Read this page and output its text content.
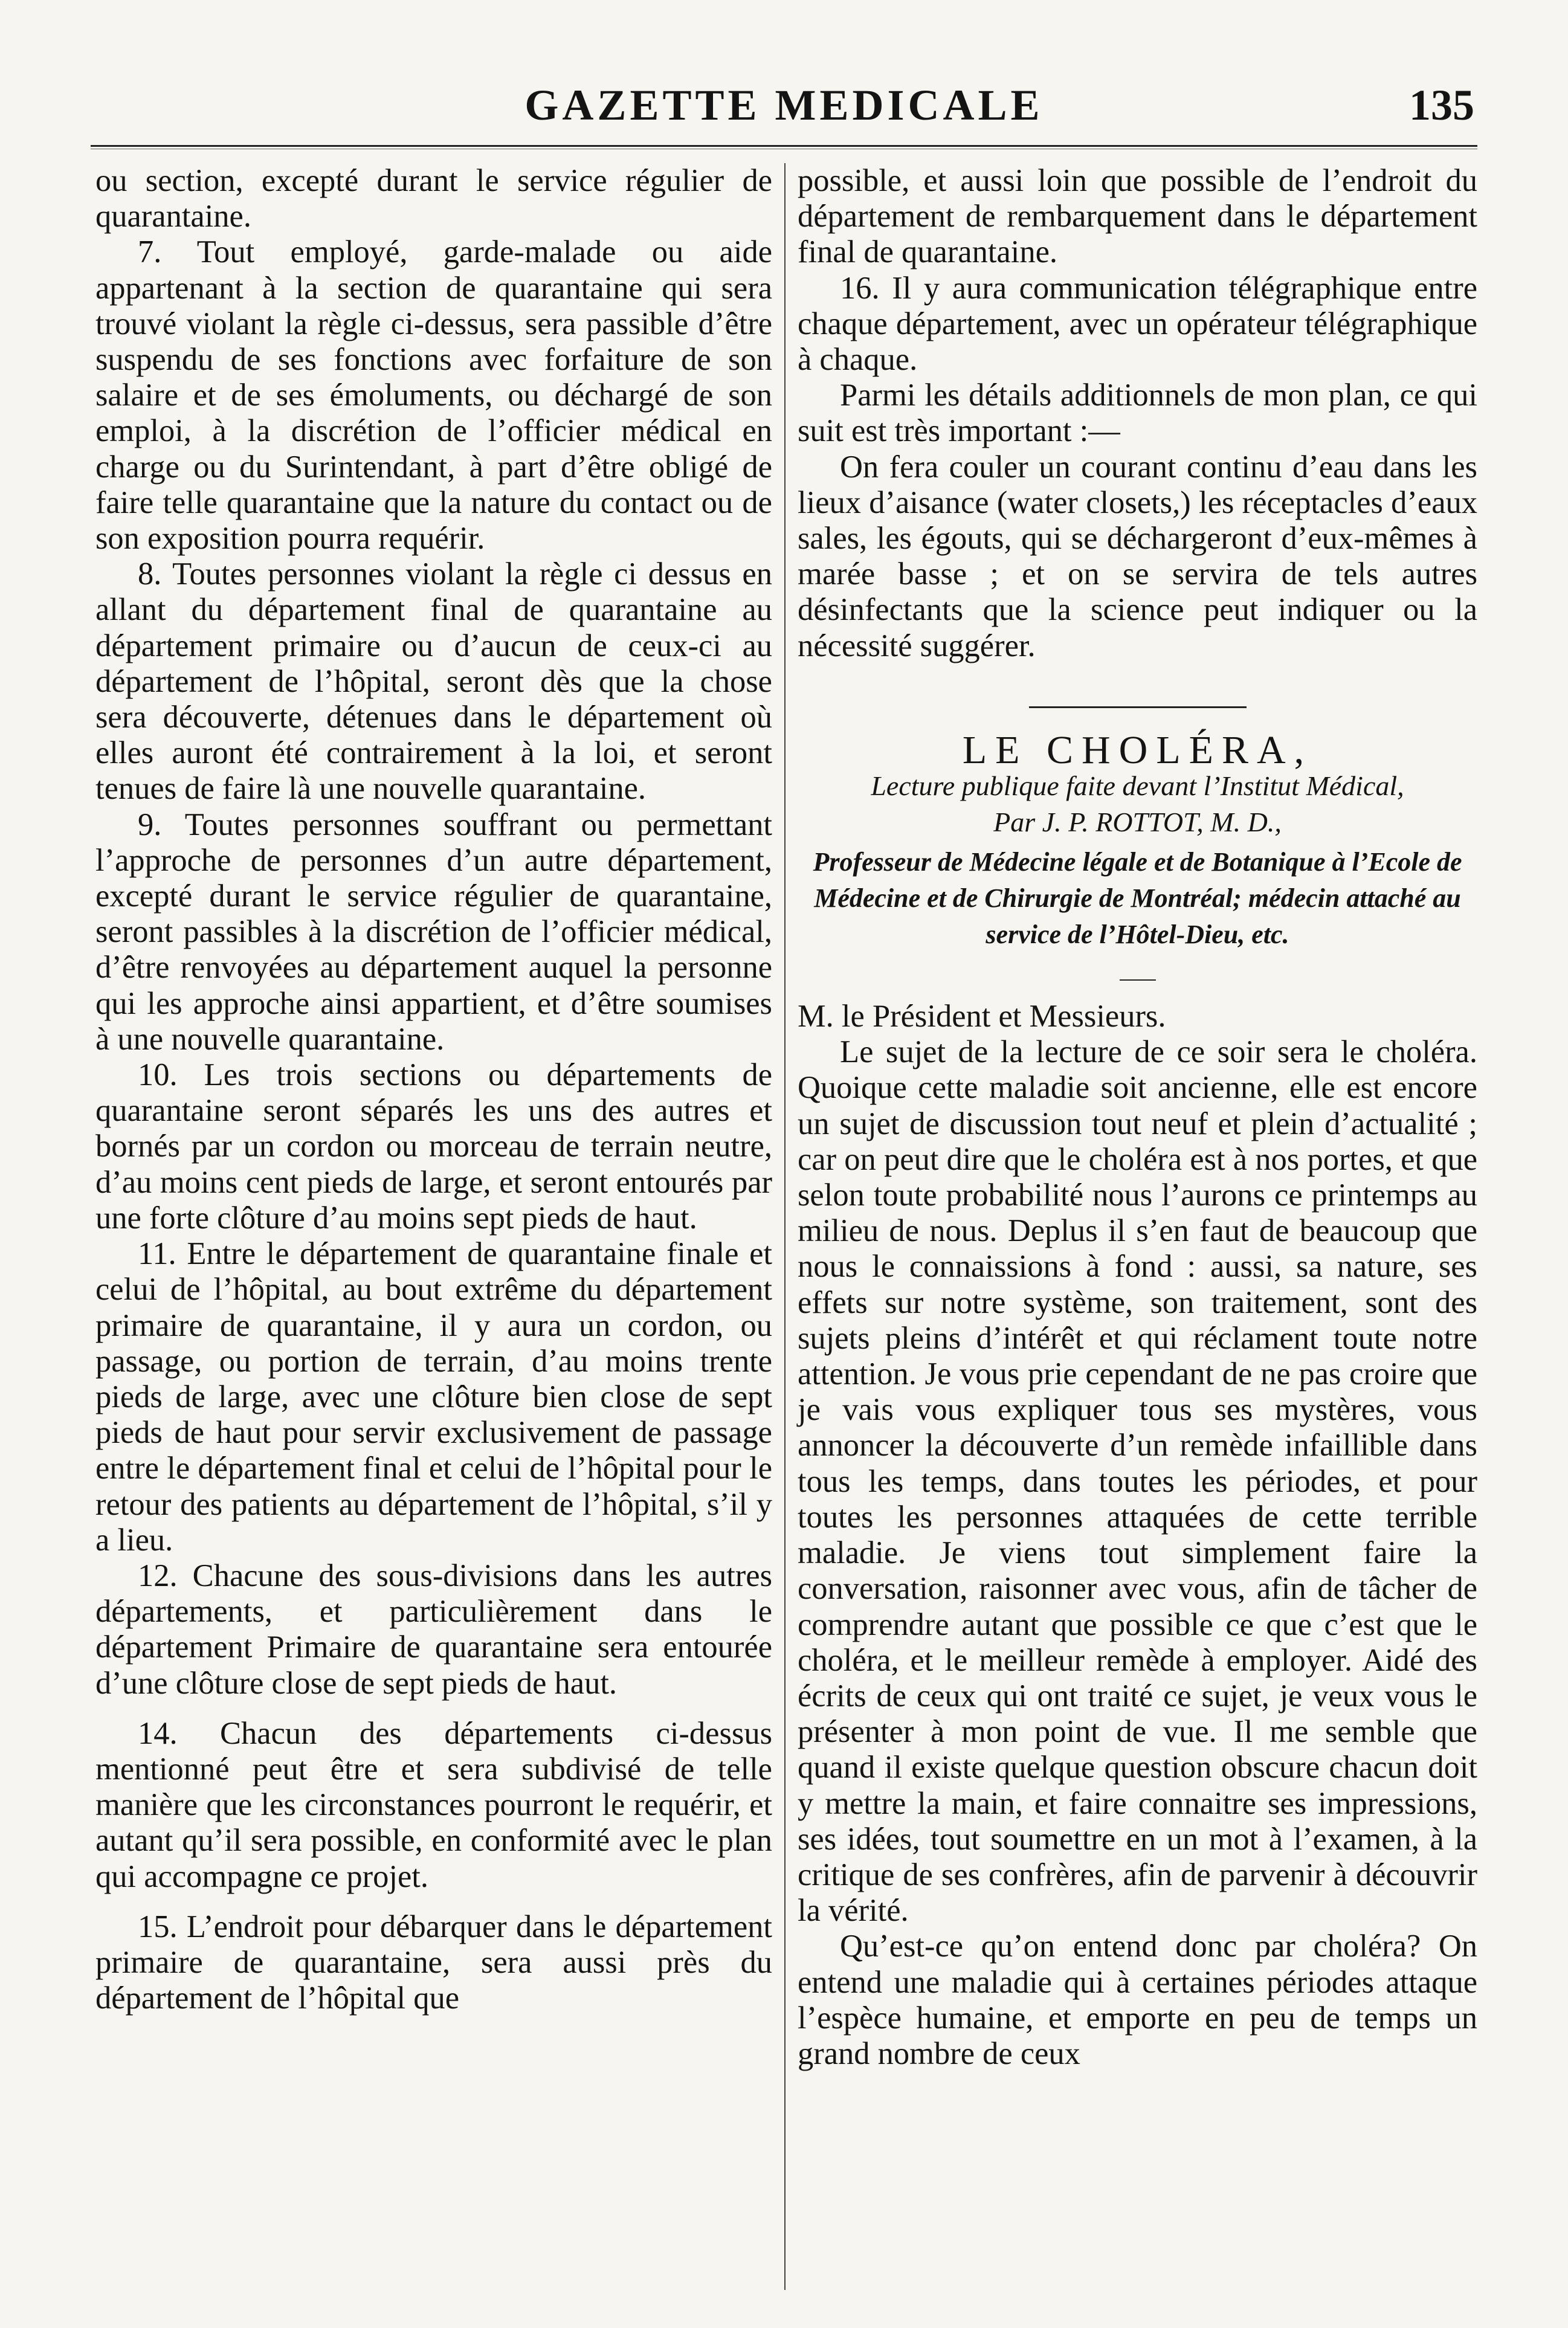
GAZETTE MEDICALE	135

ou section, excepté durant le service régulier de quarantaine.

7. Tout employé, garde-malade ou aide appartenant à la section de quarantaine qui sera trouvé violant la règle ci-dessus, sera passible d’être suspendu de ses fonctions avec forfaiture de son salaire et de ses émoluments, ou déchargé de son emploi, à la discrétion de l’officier médical en charge ou du Surintendant, à part d’être obligé de faire telle quarantaine que la nature du contact ou de son exposition pourra requérir.

8. Toutes personnes violant la règle ci dessus en allant du département final de quarantaine au département primaire ou d’aucun de ceux-ci au département de l’hôpital, seront dès que la chose sera découverte, détenues dans le département où elles auront été contrairement à la loi, et seront tenues de faire là une nouvelle quarantaine.

9. Toutes personnes souffrant ou permettant l’approche de personnes d’un autre département, excepté durant le service régulier de quarantaine, seront passibles à la discrétion de l’officier médical, d’être renvoyées au département auquel la personne qui les approche ainsi appartient, et d’être soumises à une nouvelle quarantaine.

10. Les trois sections ou départements de quarantaine seront séparés les uns des autres et bornés par un cordon ou morceau de terrain neutre, d’au moins cent pieds de large, et seront entourés par une forte clôture d’au moins sept pieds de haut.

11. Entre le département de quarantaine finale et celui de l’hôpital, au bout extrême du département primaire de quarantaine, il y aura un cordon, ou passage, ou portion de terrain, d’au moins trente pieds de large, avec une clôture bien close de sept pieds de haut pour servir exclusivement de passage entre le département final et celui de l’hôpital pour le retour des patients au département de l’hôpital, s’il y a lieu.

12. Chacune des sous-divisions dans les autres départements, et particulièrement dans le département Primaire de quarantaine sera entourée d’une clôture close de sept pieds de haut.

14. Chacun des départements ci-dessus mentionné peut être et sera subdivisé de telle manière que les circonstances pourront le requérir, et autant qu’il sera possible, en conformité avec le plan qui accompagne ce projet.

15. L’endroit pour débarquer dans le département primaire de quarantaine, sera aussi près du département de l’hôpital que

possible, et aussi loin que possible de l’endroit du département de rembarquement dans le département final de quarantaine.

16. Il y aura communication télégraphique entre chaque département, avec un opérateur télégraphique à chaque.

Parmi les détails additionnels de mon plan, ce qui suit est très important :—

On fera couler un courant continu d’eau dans les lieux d’aisance (water closets,) les réceptacles d’eaux sales, les égouts, qui se déchargeront d’eux-mêmes à marée basse ; et on se servira de tels autres désinfectants que la science peut indiquer ou la nécessité suggérer.

LE CHOLÉRA,

Lecture publique faite devant l’Institut Médical,

Par J. P. ROTTOT, M. D.,

Professeur de Médecine légale et de Botanique à l’Ecole de Médecine et de Chirurgie de Montréal; médecin attaché au service de l’Hôtel-Dieu, etc.

M. le Président et Messieurs.

Le sujet de la lecture de ce soir sera le choléra. Quoique cette maladie soit ancienne, elle est encore un sujet de discussion tout neuf et plein d’actualité ; car on peut dire que le choléra est à nos portes, et que selon toute probabilité nous l’aurons ce printemps au milieu de nous. Deplus il s’en faut de beaucoup que nous le connaissions à fond : aussi, sa nature, ses effets sur notre système, son traitement, sont des sujets pleins d’intérêt et qui réclament toute notre attention. Je vous prie cependant de ne pas croire que je vais vous expliquer tous ses mystères, vous annoncer la découverte d’un remède infaillible dans tous les temps, dans toutes les périodes, et pour toutes les personnes attaquées de cette terrible maladie. Je viens tout simplement faire la conversation, raisonner avec vous, afin de tâcher de comprendre autant que possible ce que c’est que le choléra, et le meilleur remède à employer. Aidé des écrits de ceux qui ont traité ce sujet, je veux vous le présenter à mon point de vue. Il me semble que quand il existe quelque question obscure chacun doit y mettre la main, et faire connaitre ses impressions, ses idées, tout soumettre en un mot à l’examen, à la critique de ses confrères, afin de parvenir à découvrir la vérité.

Qu’est-ce qu’on entend donc par choléra? On entend une maladie qui à certaines périodes attaque l’espèce humaine, et emporte en peu de temps un grand nombre de ceux
